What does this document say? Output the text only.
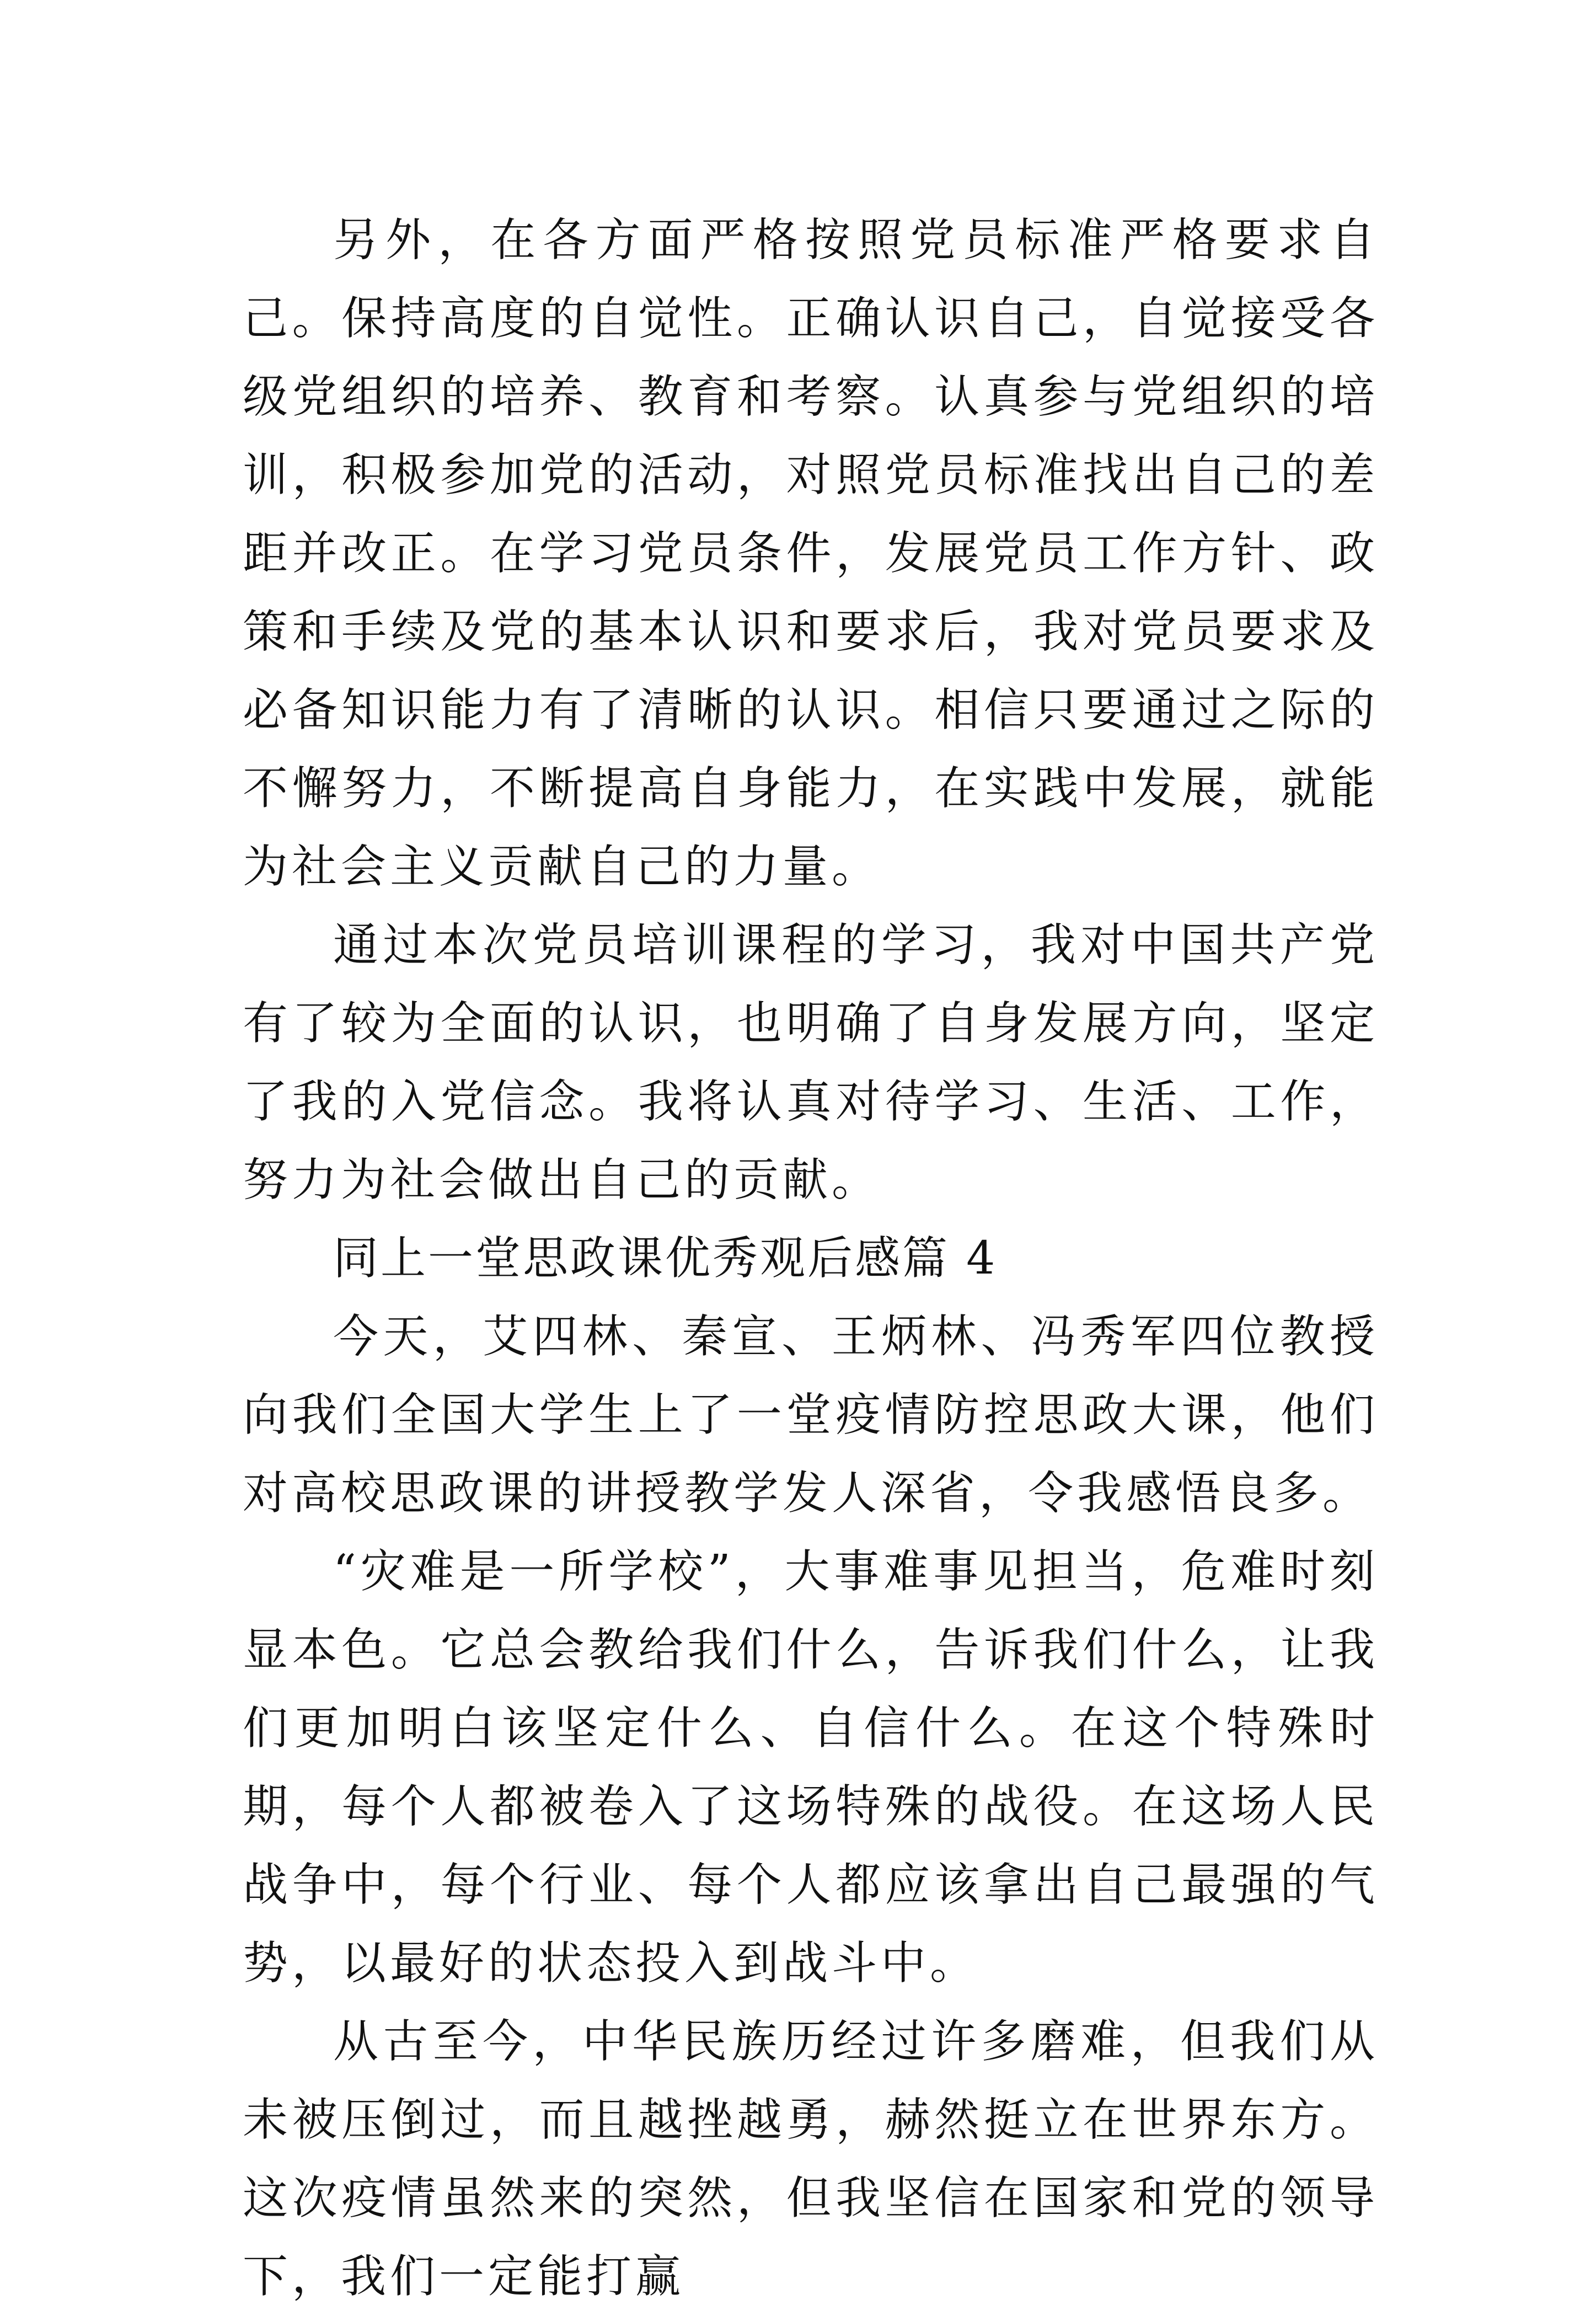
另外，在各方面严格按照党员标准严格要求自己。保持高度的自觉性。正确认识自己，自觉接受各级党组织的培养、教育和考察。认真参与党组织的培训，积极参加党的活动，对照党员标准找出自己的差距并改正。在学习党员条件，发展党员工作方针、政策和手续及党的基本认识和要求后，我对党员要求及必备知识能力有了清晰的认识。相信只要通过之际的不懈努力，不断提高自身能力，在实践中发展，就能为社会主义贡献自己的力量。

通过本次党员培训课程的学习，我对中国共产党有了较为全面的认识，也明确了自身发展方向，坚定了我的入党信念。我将认真对待学习、生活、工作，努力为社会做出自己的贡献。

同上一堂思政课优秀观后感篇 4

今天，艾四林、秦宣、王炳林、冯秀军四位教授向我们全国大学生上了一堂疫情防控思政大课，他们对高校思政课的讲授教学发人深省，令我感悟良多。

“灾难是一所学校”，大事难事见担当，危难时刻显本色。它总会教给我们什么，告诉我们什么，让我们更加明白该坚定什么、自信什么。在这个特殊时期，每个人都被卷入了这场特殊的战役。在这场人民战争中，每个行业、每个人都应该拿出自己最强的气势，以最好的状态投入到战斗中。

从古至今，中华民族历经过许多磨难，但我们从未被压倒过，而且越挫越勇，赫然挺立在世界东方。这次疫情虽然来的突然，但我坚信在国家和党的领导下，我们一定能打赢
